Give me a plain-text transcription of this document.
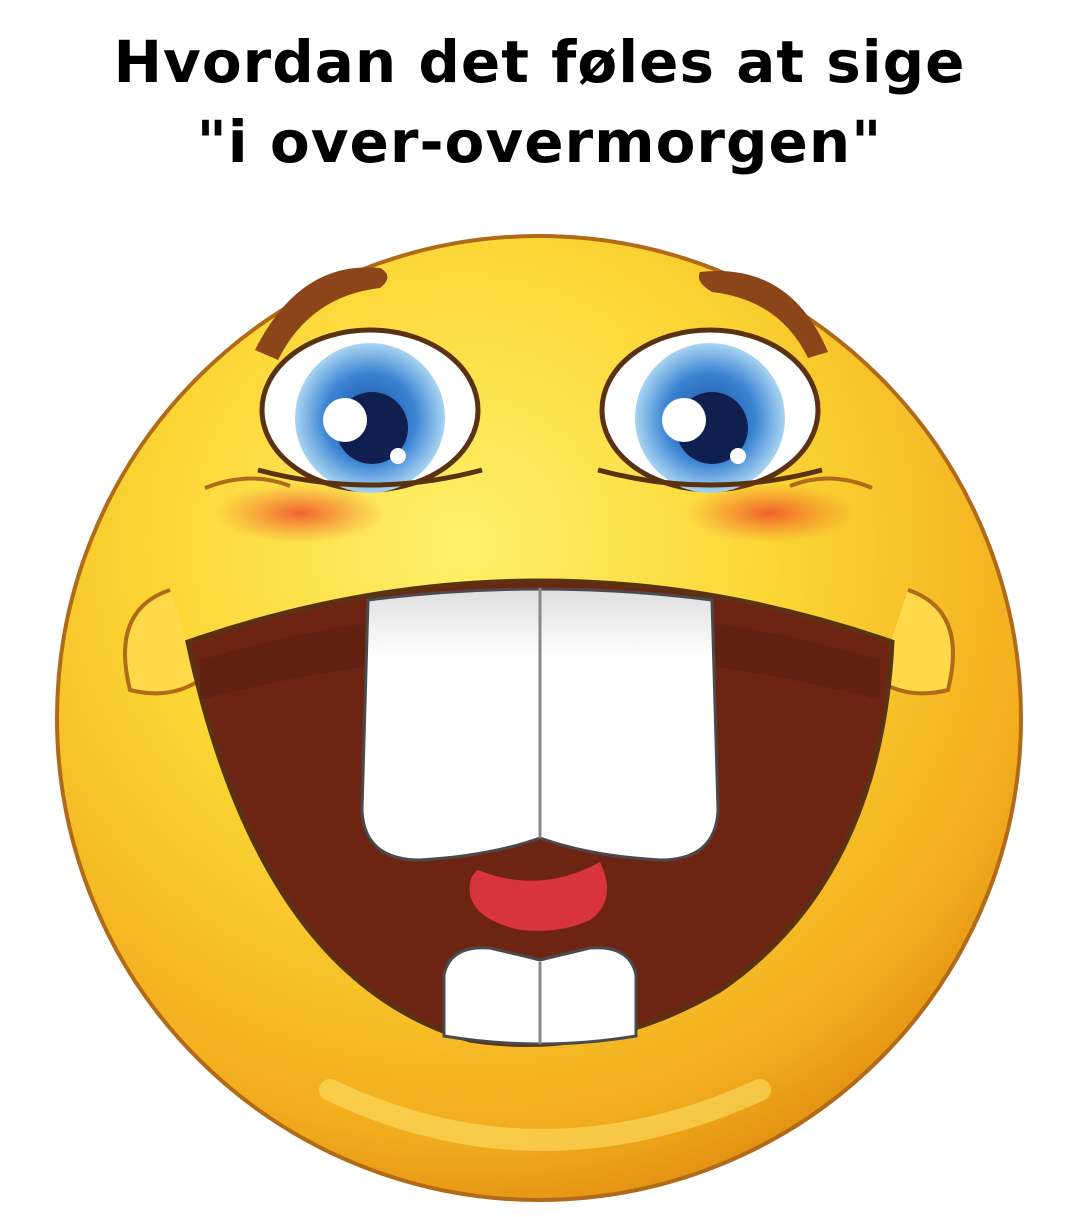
Hvordan det føles at sige
"i over-overmorgen"
